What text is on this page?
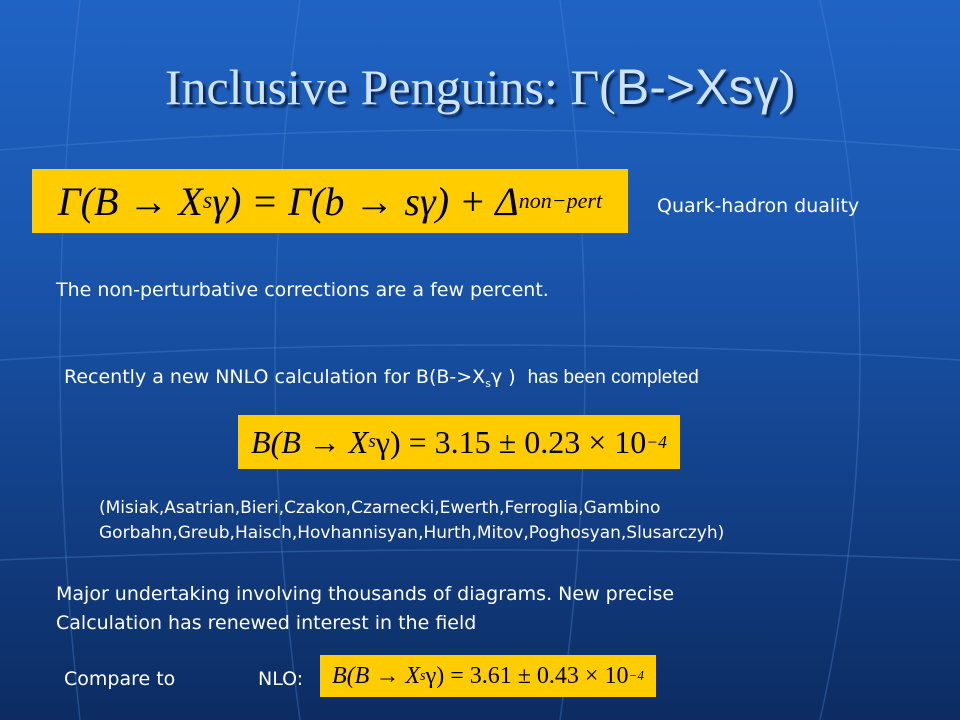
Inclusive Penguins: Γ(B->Xsγ)
Γ(B → X s γ) = Γ(b → sγ) + Δ non−pert	Quark-hadron duality
The non-perturbative corrections are a few percent.
Recently a new NNLO calculation for $B(B->X_s\gamma$ ) has been completed
B(B → X s γ) = 3.15 ± 0.23 × 10 −4
(Misiak,Asatrian,Bieri,Czakon,Czarnecki,Ewerth,Ferroglia,Gambino
Gorbahn,Greub,Haisch,Hovhannisyan,Hurth,Mitov,Poghosyan,Slusarczyh)
Major undertaking involving thousands of diagrams. New precise
Calculation has renewed interest in the field
Compare to	NLO: B(B → X s γ) = 3.61 ± 0.43 × 10 −4
